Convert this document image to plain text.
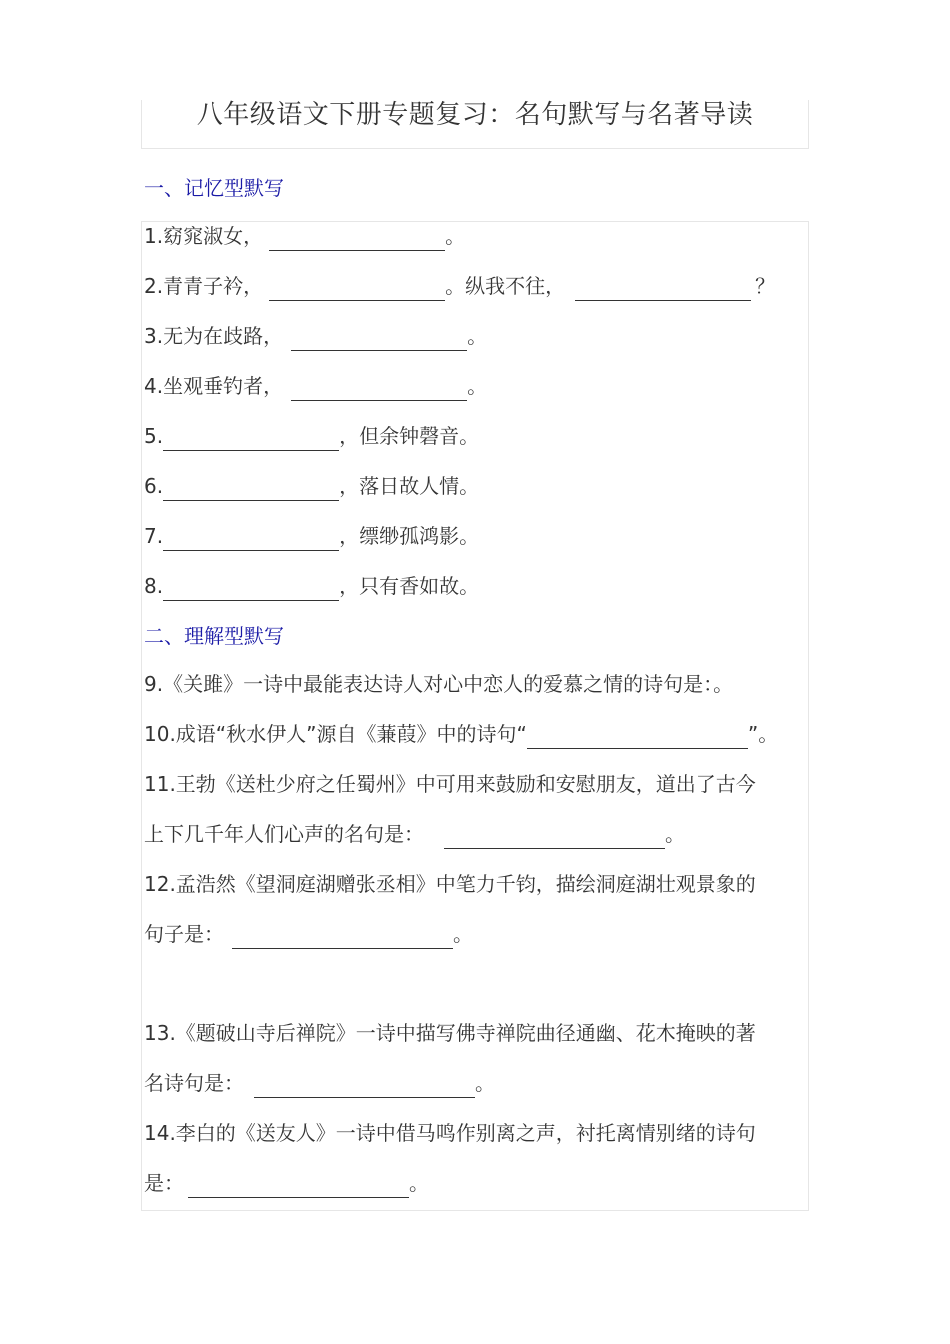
八年级语文下册专题复习：名句默写与名著导读
一、记忆型默写
1.窈窕淑女，	。
2.青青子衿，	。纵我不往，	？
3.无为在歧路，	。
4.坐观垂钓者，	。
5.	，但余钟磬音。
6.	，落日故人情。
7.	，缥缈孤鸿影。
8.	，只有香如故。
二、理解型默写
9.《关雎》一诗中最能表达诗人对心中恋人的爱慕之情的诗句是：。
10.成语“秋水伊人”源自《蒹葭》中的诗句“	”。
11.王勃《送杜少府之任蜀州》中可用来鼓励和安慰朋友，道出了古今
上下几千年人们心声的名句是：	。
12.孟浩然《望洞庭湖赠张丞相》中笔力千钧，描绘洞庭湖壮观景象的
句子是：	。
13.《题破山寺后禅院》一诗中描写佛寺禅院曲径通幽、花木掩映的著
名诗句是：	。
14.李白的《送友人》一诗中借马鸣作别离之声，衬托离情别绪的诗句
是：	。
